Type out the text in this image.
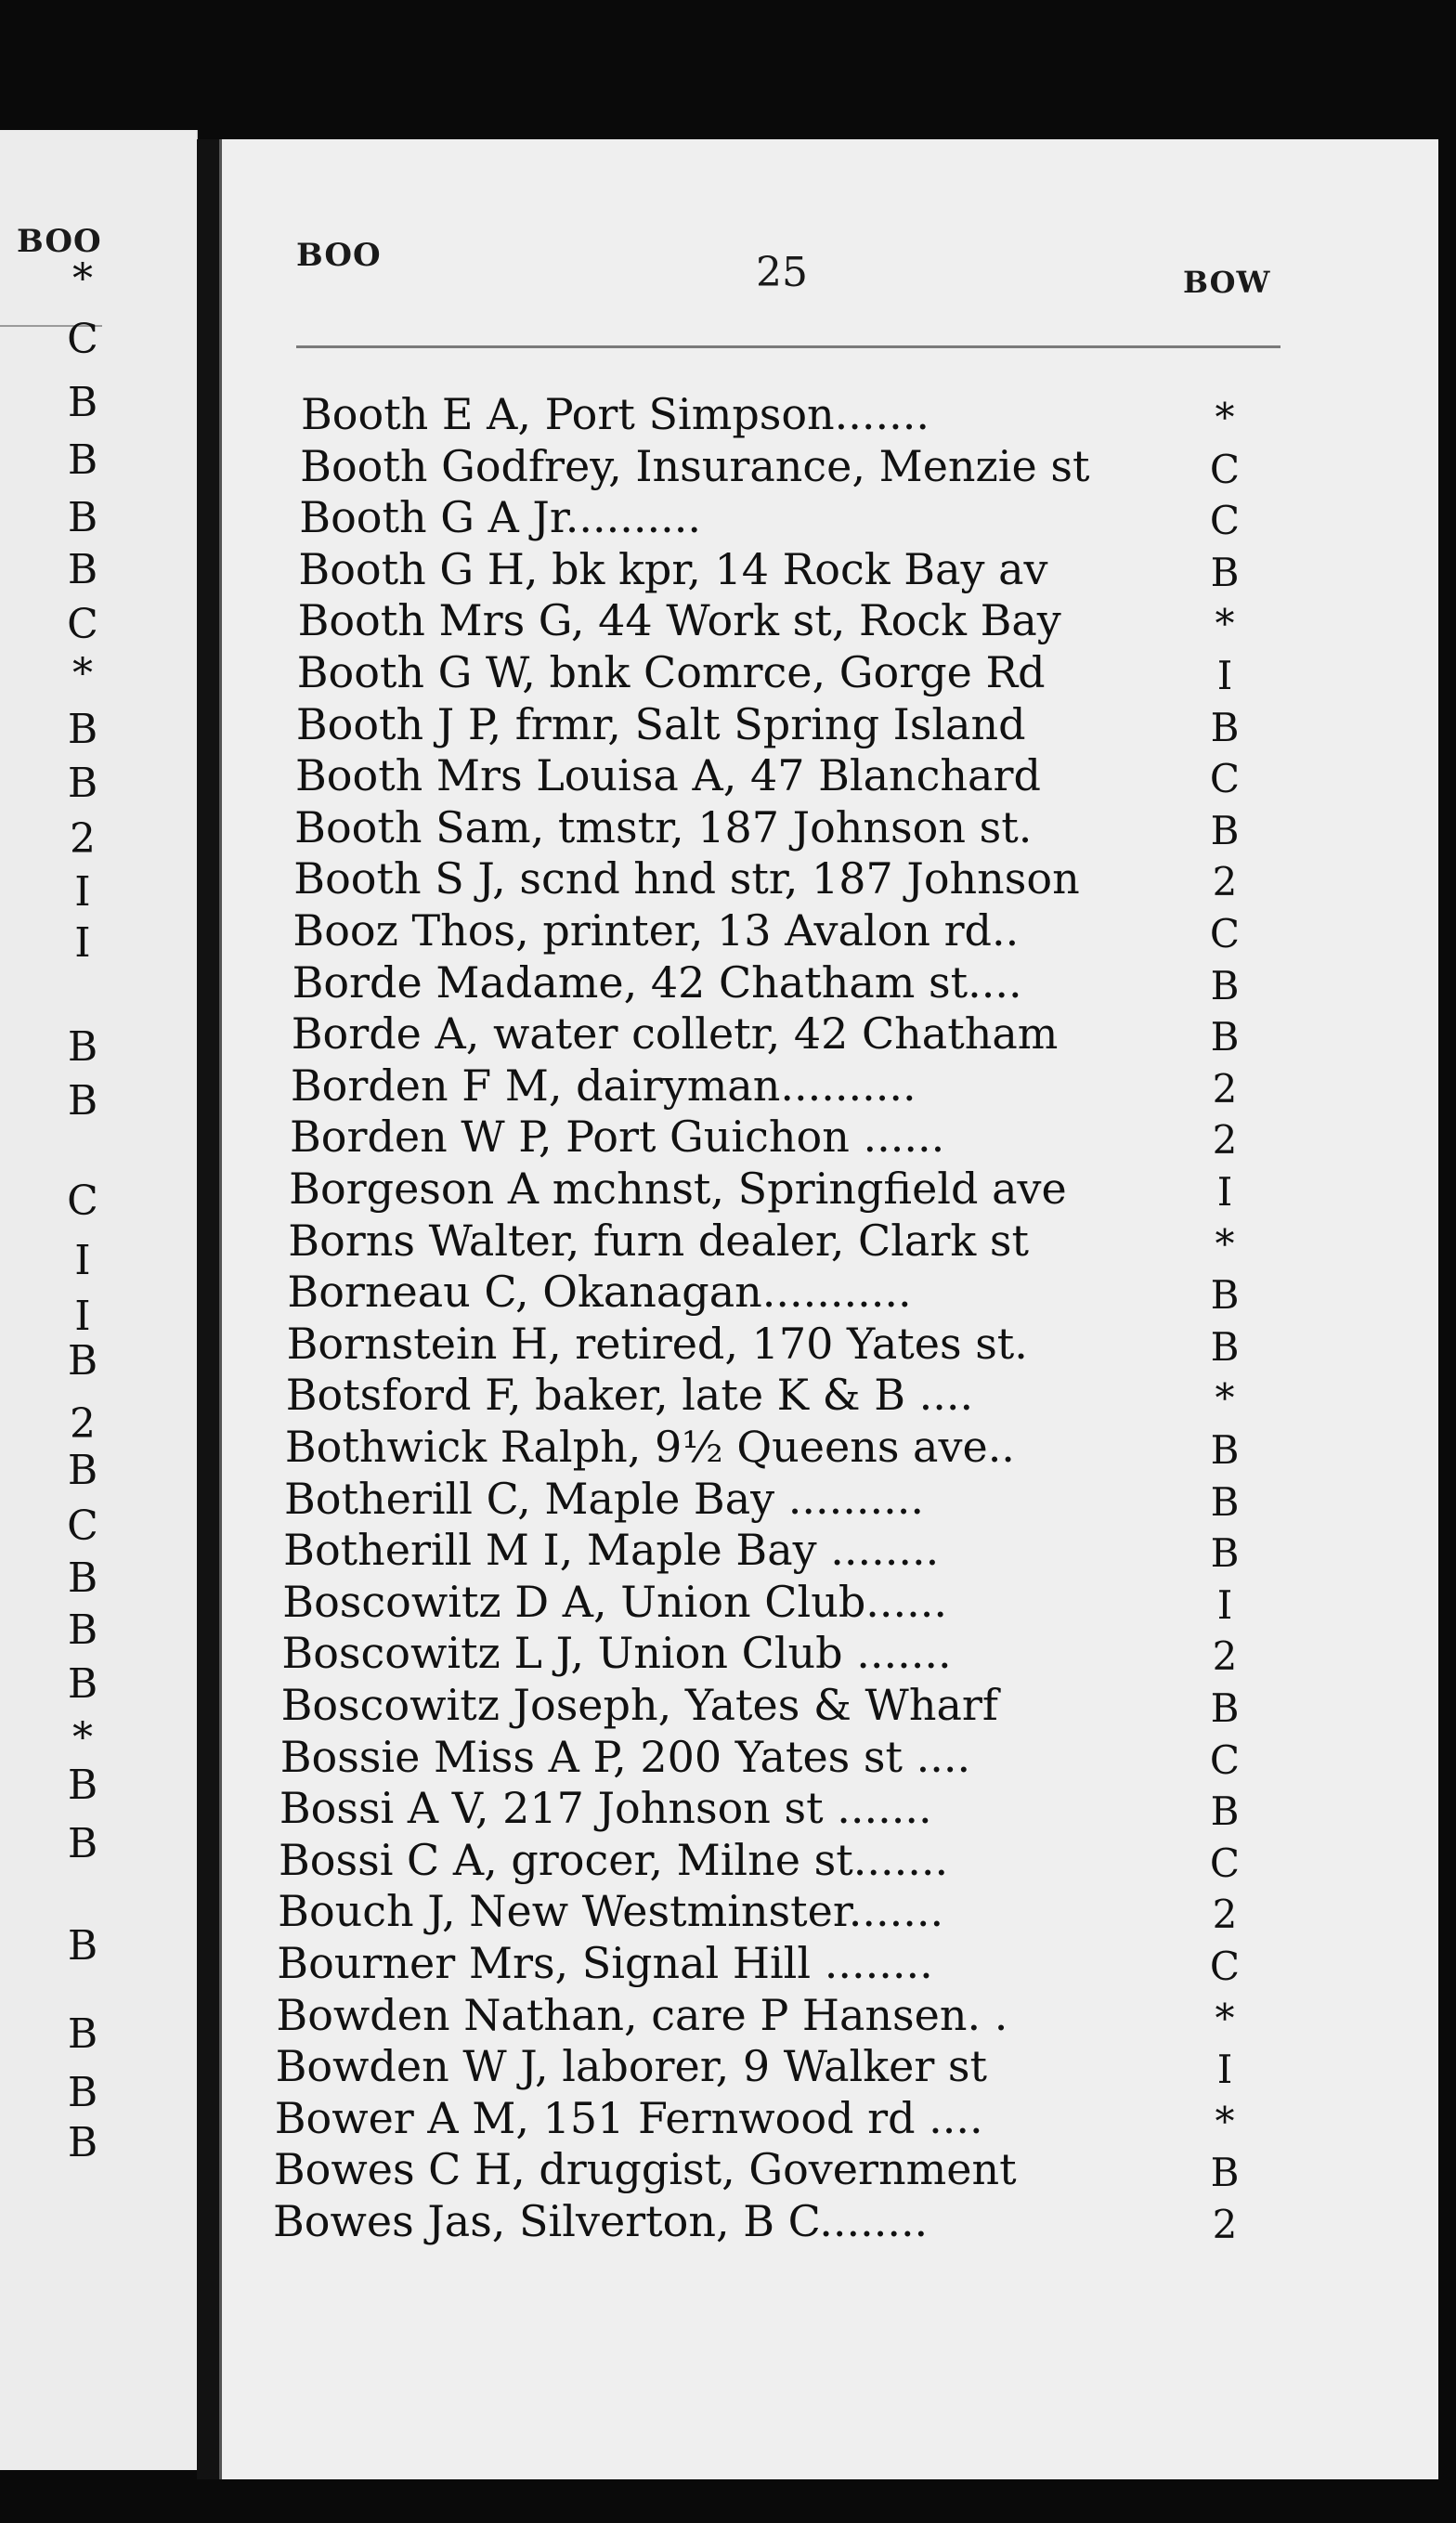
BOO
*
C
B
B
B
B
C
*
B
B
2
I
I
B
B
C
I
I
B
2
B
C
B
B
B
*
B
B
B
B
B
B
BOO	25	BOW
Booth E A, Port Simpson.......	*
Booth Godfrey, Insurance, Menzie st	C
Booth G A Jr..........	C
Booth G H, bk kpr, 14 Rock Bay av	B
Booth Mrs G, 44 Work st, Rock Bay	*
Booth G W, bnk Comrce, Gorge Rd	I
Booth J P, frmr, Salt Spring Island	B
Booth Mrs Louisa A, 47 Blanchard	C
Booth Sam, tmstr, 187 Johnson st.	B
Booth S J, scnd hnd str, 187 Johnson	2
Booz Thos, printer, 13 Avalon rd..	C
Borde Madame, 42 Chatham st....	B
Borde A, water colletr, 42 Chatham	B
Borden F M, dairyman..........	2
Borden W P, Port Guichon ......	2
Borgeson A mchnst, Springfield ave	I
Borns Walter, furn dealer, Clark st	*
Borneau C, Okanagan...........	B
Bornstein H, retired, 170 Yates st.	B
Botsford F, baker, late K & B ....	*
Bothwick Ralph, 9½ Queens ave..	B
Botherill C, Maple Bay ..........	B
Botherill M I, Maple Bay ........	B
Boscowitz D A, Union Club......	I
Boscowitz L J, Union Club .......	2
Boscowitz Joseph, Yates & Wharf	B
Bossie Miss A P, 200 Yates st ....	C
Bossi A V, 217 Johnson st .......	B
Bossi C A, grocer, Milne st.......	C
Bouch J, New Westminster.......	2
Bourner Mrs, Signal Hill ........	C
Bowden Nathan, care P Hansen. .	*
Bowden W J, laborer, 9 Walker st	I
Bower A M, 151 Fernwood rd ....	*
Bowes C H, druggist, Government	B
Bowes Jas, Silverton, B C........	2
